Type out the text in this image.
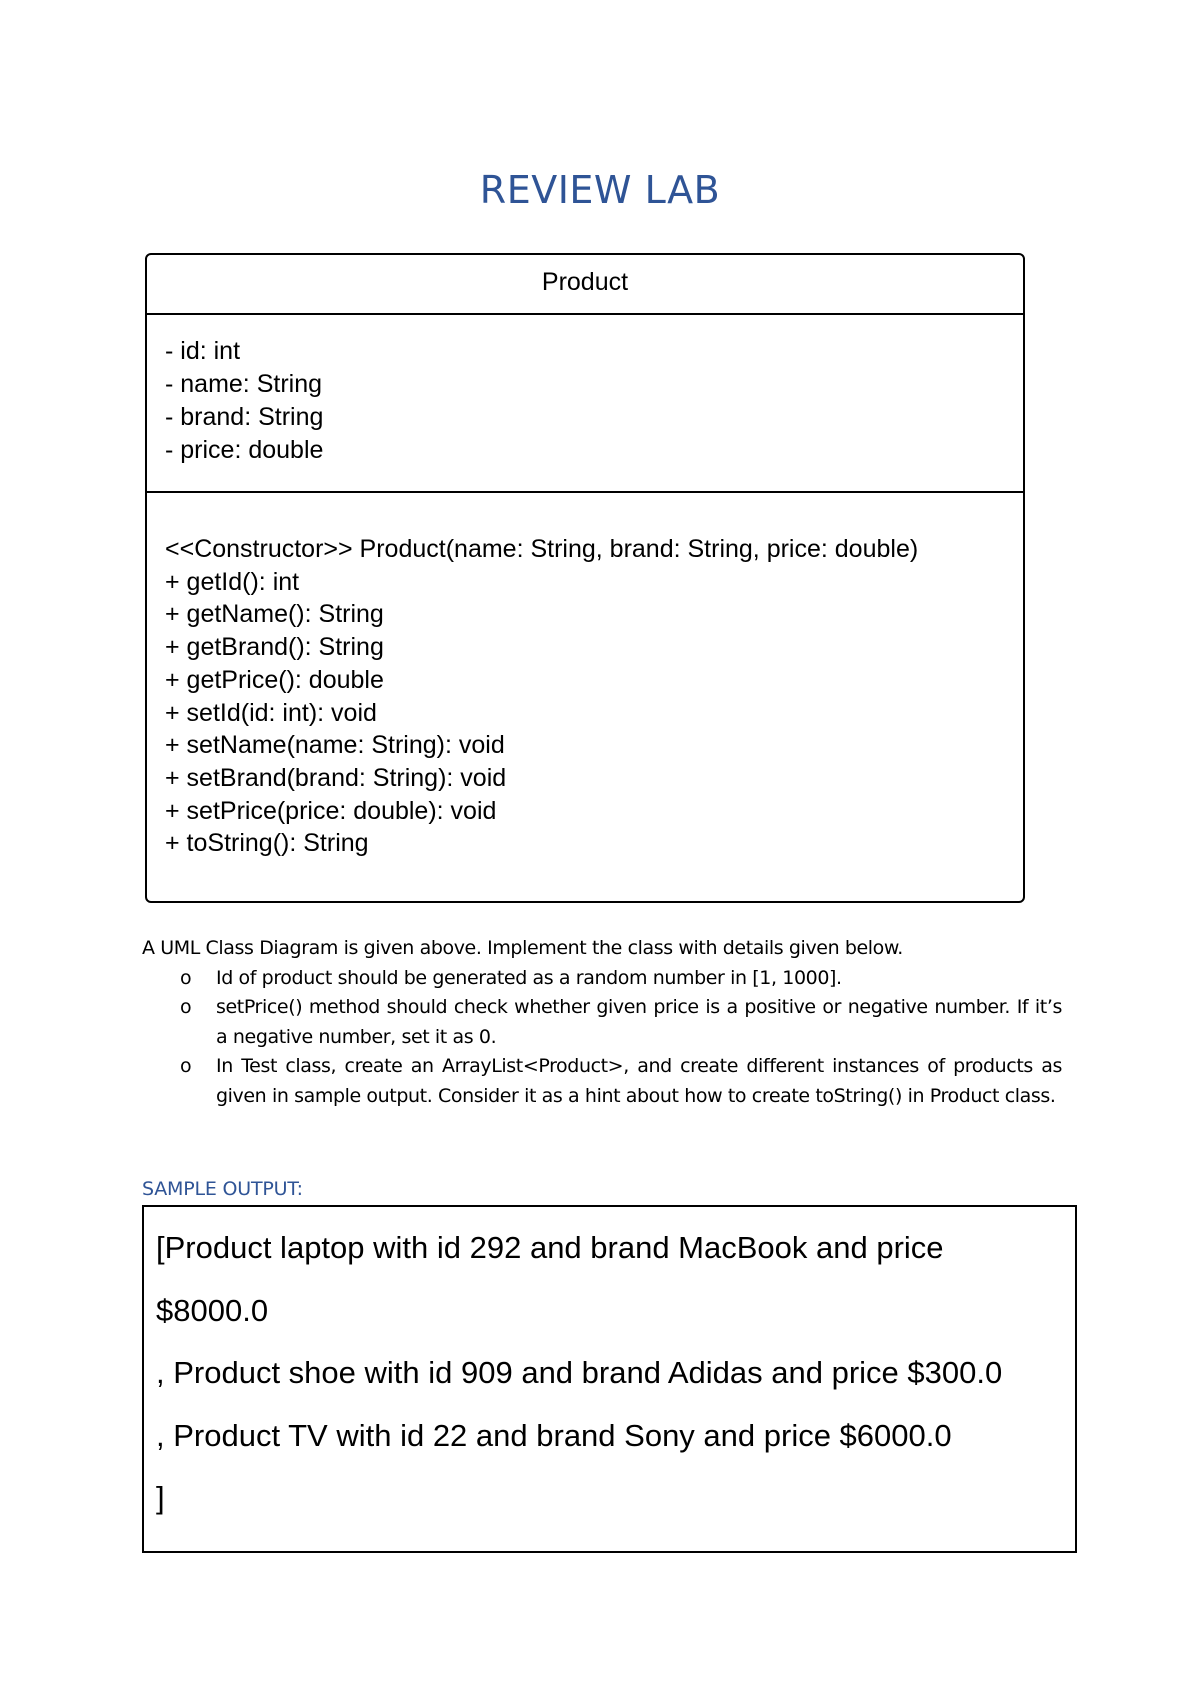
REVIEW LAB
Product
- id: int
- name: String
- brand: String
- price: double
<<Constructor>> Product(name: String, brand: String, price: double)
+ getId(): int
+ getName(): String
+ getBrand(): String
+ getPrice(): double
+ setId(id: int): void
+ setName(name: String): void
+ setBrand(brand: String): void
+ setPrice(price: double): void
+ toString(): String
A UML Class Diagram is given above. Implement the class with details given below.
o Id of product should be generated as a random number in [1, 1000].
o setPrice() method should check whether given price is a positive or negative number. If it’s a negative number, set it as 0.
o In Test class, create an ArrayList<Product>, and create different instances of products as given in sample output. Consider it as a hint about how to create toString() in Product class.
SAMPLE OUTPUT:
[Product laptop with id 292 and brand MacBook and price
$8000.0
, Product shoe with id 909 and brand Adidas and price $300.0
, Product TV with id 22 and brand Sony and price $6000.0
]
